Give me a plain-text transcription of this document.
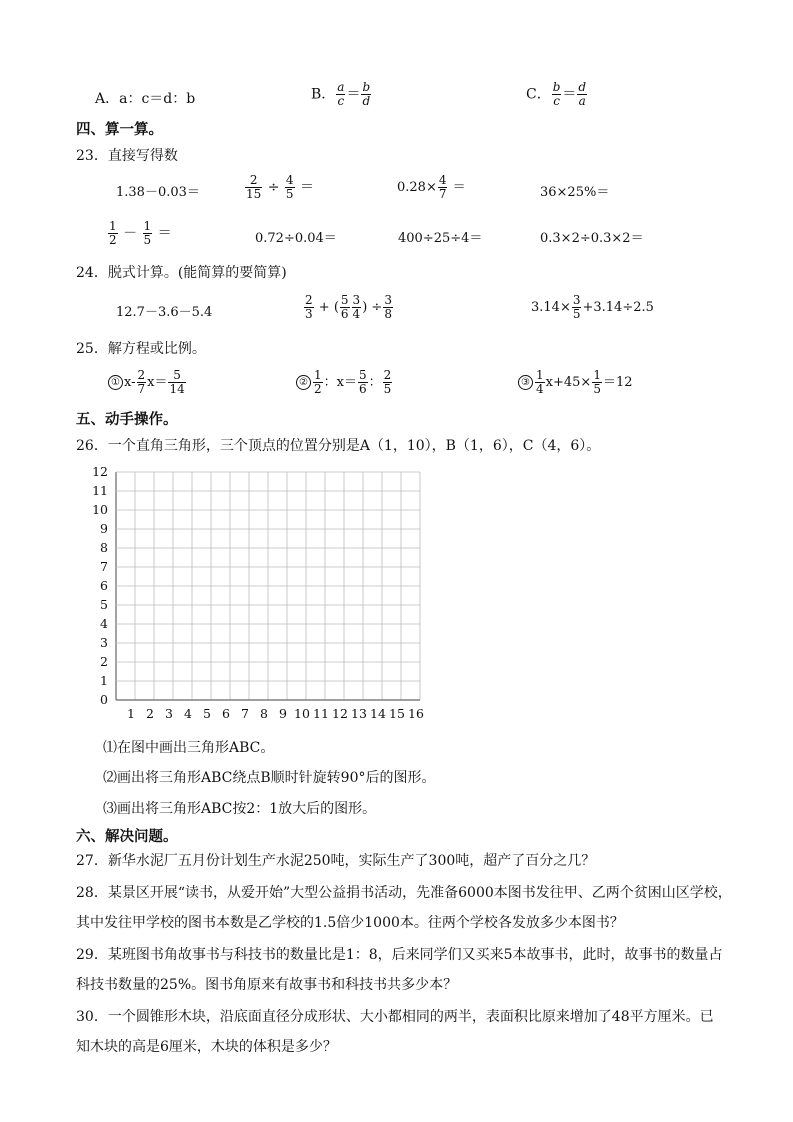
A．a：c＝d：b	B． $\frac{a}{c} = \frac{b}{d}$	C． $\frac{b}{c} = \frac{d}{a}$
四、算一算。
23．直接写得数
1.38－0.03＝	$\frac{2}{15} \div \frac{4}{5}$ ＝	$0.28\times \frac{4}{7}$ ＝	36×25%＝
$\frac{1}{2} - \frac{1}{5}$ ＝	0.72÷0.04＝	400÷25÷4＝	0.3×2÷0.3×2＝
24．脱式计算。(能简算的要简算)
12.7－3.6－5.4	$\frac{2}{3}$ + ( $\frac{5}{6} \frac{3}{4}$ ) ÷ $\frac{3}{8}$	$3.14\times \frac{3}{5} +3.14\div 2.5$
25．解方程或比例。
① $x- \frac{2}{7} x= \frac{5}{14}$	② $\frac{1}{2}$ ：$x= \frac{5}{6}$ ： $\frac{2}{5}$	③ $\frac{1}{4} x+45\times \frac{1}{5} =12$
五、动手操作。
26．一个直角三角形，三个顶点的位置分别是A（1，10），B（1，6），C（4，6）。
12
11
10
9
8
7
6
5
4
3
2
1
0
1 2 3 4 5 6 7 8 9 10 11 12 13 14 15 16
⑴在图中画出三角形ABC。
⑵画出将三角形ABC绕点B顺时针旋转90°后的图形。
⑶画出将三角形ABC按2：1放大后的图形。
六、解决问题。
27．新华水泥厂五月份计划生产水泥250吨，实际生产了300吨，超产了百分之几？
28．某景区开展“读书，从爱开始”大型公益捐书活动，先准备6000本图书发往甲、乙两个贫困山区学校，
其中发往甲学校的图书本数是乙学校的1.5倍少1000本。往两个学校各发放多少本图书？
29．某班图书角故事书与科技书的数量比是1：8，后来同学们又买来5本故事书，此时，故事书的数量占
科技书数量的25%。图书角原来有故事书和科技书共多少本？
30．一个圆锥形木块，沿底面直径分成形状、大小都相同的两半，表面积比原来增加了48平方厘米。已
知木块的高是6厘米，木块的体积是多少？
